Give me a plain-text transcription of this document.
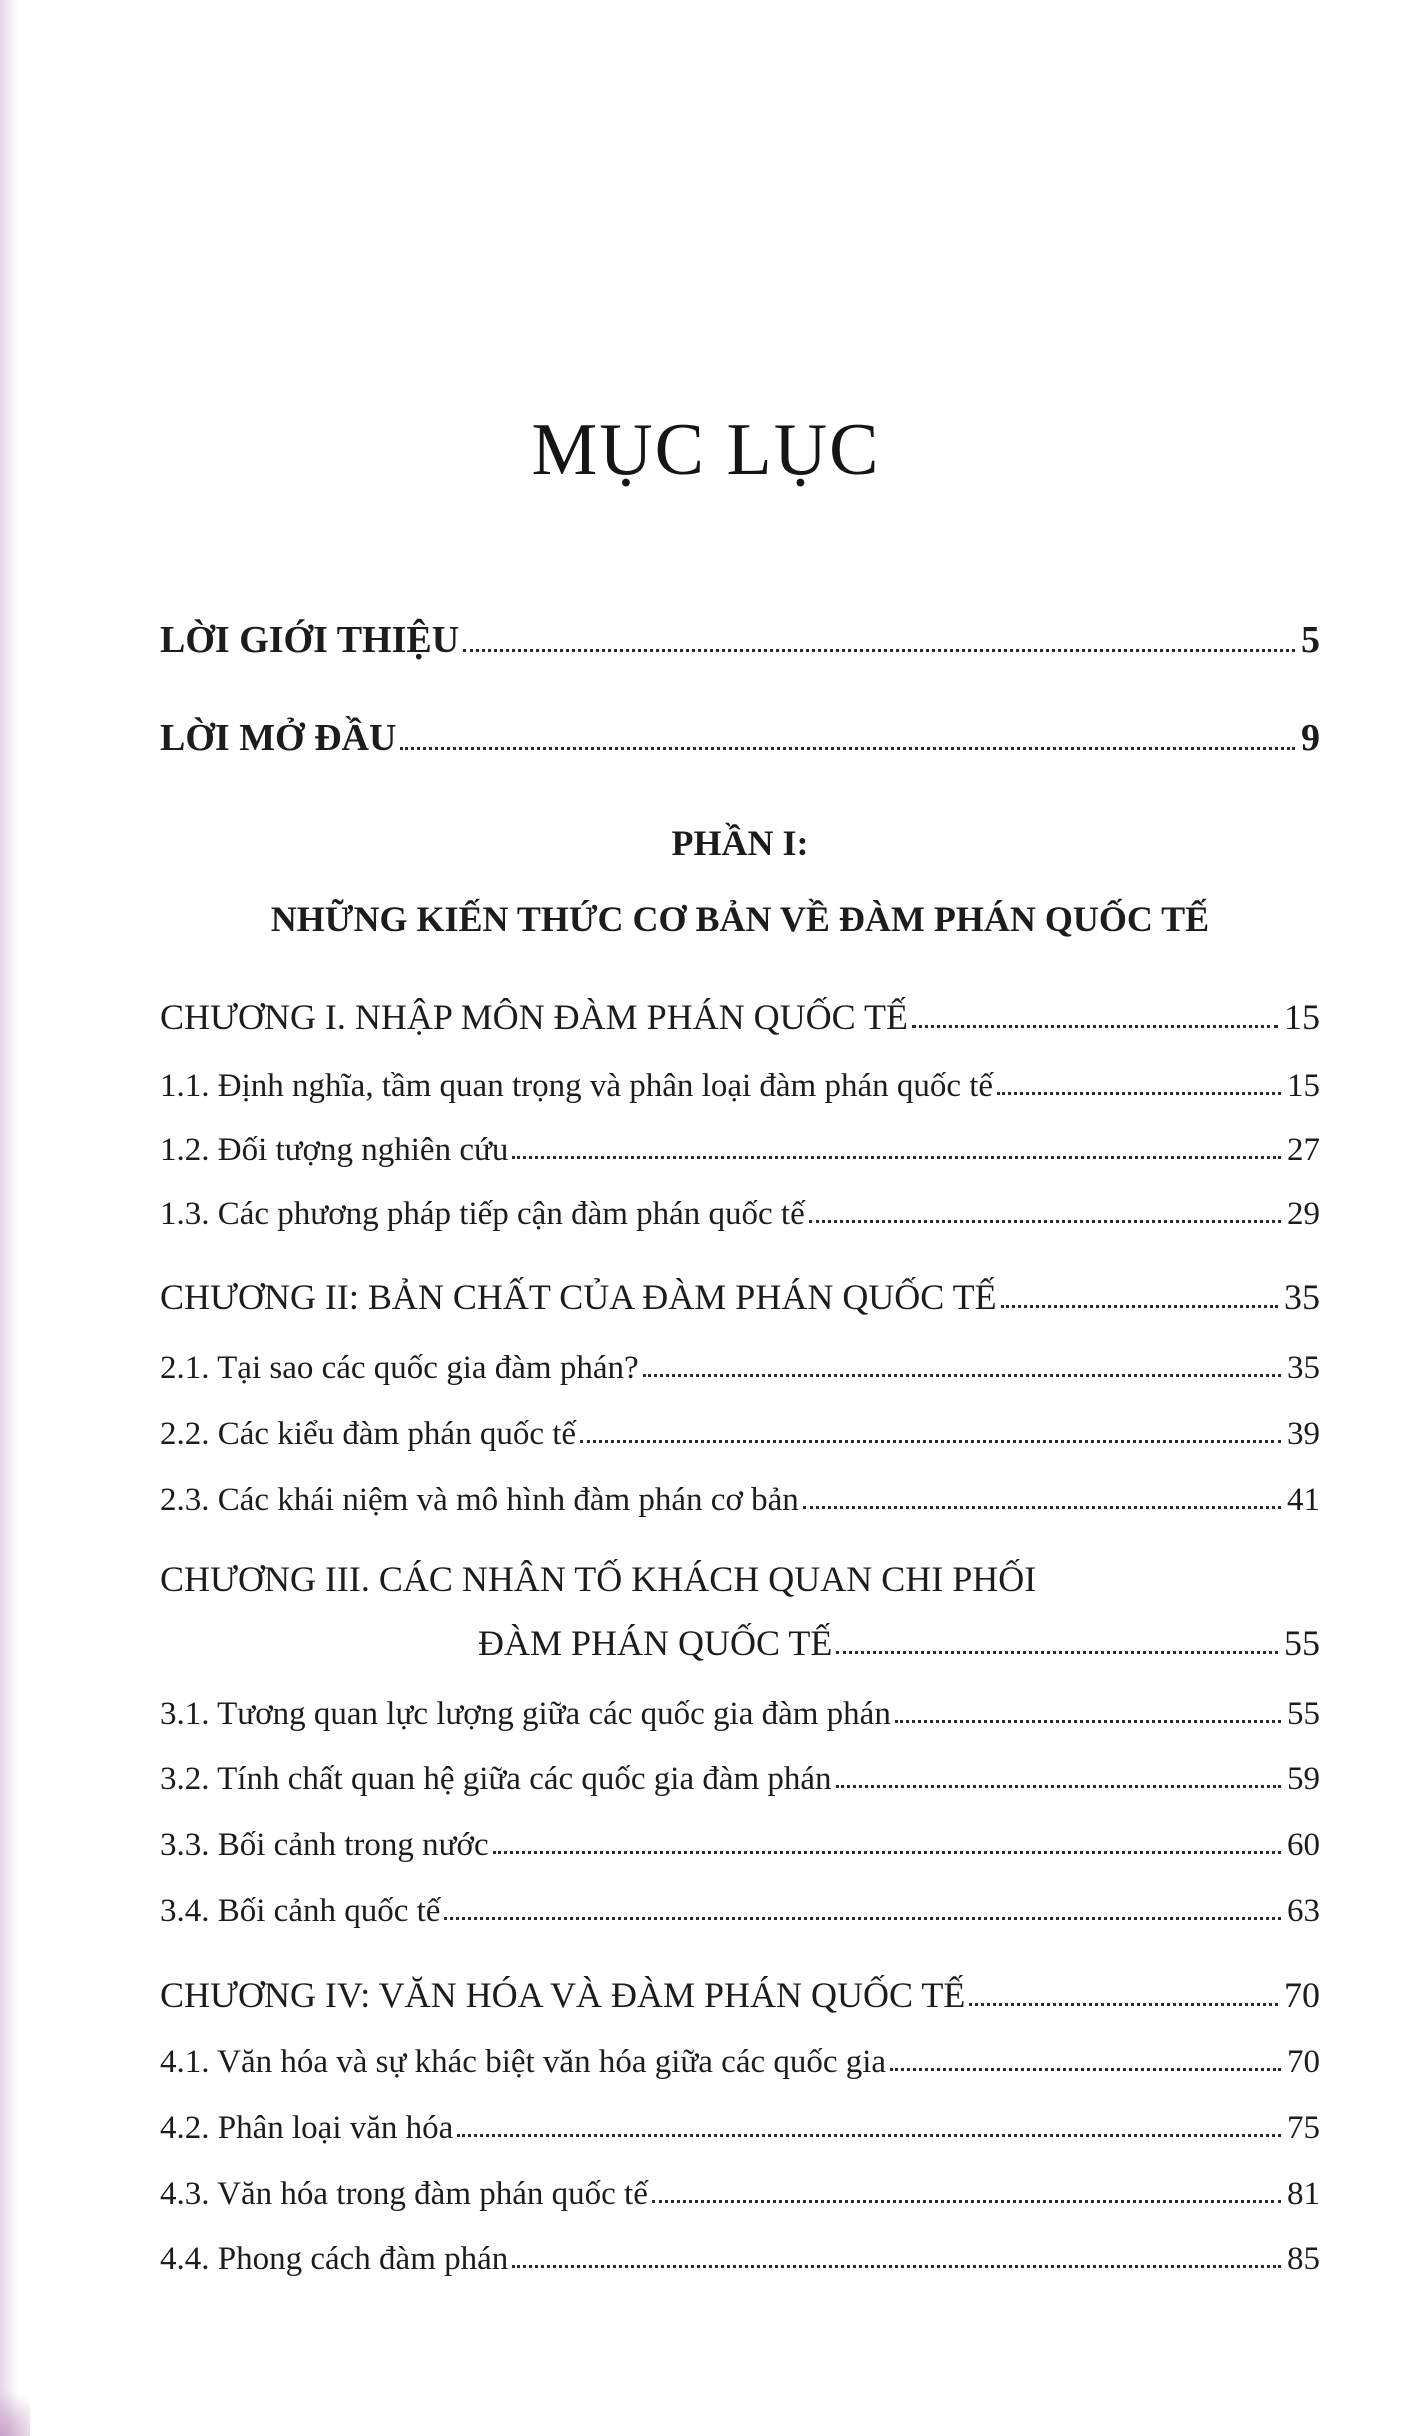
MỤC LỤC
LỜI GIỚI THIỆU	5
LỜI MỞ ĐẦU	9
PHẦN I:
NHỮNG KIẾN THỨC CƠ BẢN VỀ ĐÀM PHÁN QUỐC TẾ
CHƯƠNG I. NHẬP MÔN ĐÀM PHÁN QUỐC TẾ	15
1.1. Định nghĩa, tầm quan trọng và phân loại đàm phán quốc tế	15
1.2. Đối tượng nghiên cứu	27
1.3. Các phương pháp tiếp cận đàm phán quốc tế	29
CHƯƠNG II: BẢN CHẤT CỦA ĐÀM PHÁN QUỐC TẾ	35
2.1. Tại sao các quốc gia đàm phán?	35
2.2. Các kiểu đàm phán quốc tế	39
2.3. Các khái niệm và mô hình đàm phán cơ bản	41
CHƯƠNG III. CÁC NHÂN TỐ KHÁCH QUAN CHI PHỐI
ĐÀM PHÁN QUỐC TẾ	55
3.1. Tương quan lực lượng giữa các quốc gia đàm phán	55
3.2. Tính chất quan hệ giữa các quốc gia đàm phán	59
3.3. Bối cảnh trong nước	60
3.4. Bối cảnh quốc tế	63
CHƯƠNG IV: VĂN HÓA VÀ ĐÀM PHÁN QUỐC TẾ	70
4.1. Văn hóa và sự khác biệt văn hóa giữa các quốc gia	70
4.2. Phân loại văn hóa	75
4.3. Văn hóa trong đàm phán quốc tế	81
4.4. Phong cách đàm phán	85
